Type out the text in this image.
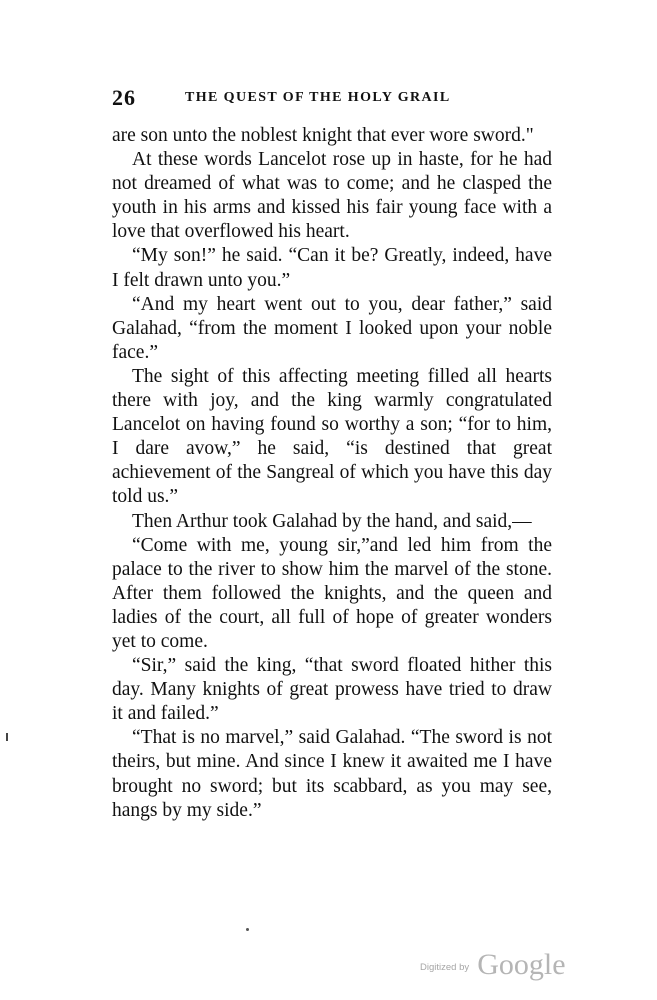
26	THE QUEST OF THE HOLY GRAIL

are son unto the noblest knight that ever wore sword."

At these words Lancelot rose up in haste, for he had not dreamed of what was to come; and he clasped the youth in his arms and kissed his fair young face with a love that overflowed his heart.

“My son!” he said. “Can it be? Greatly, indeed, have I felt drawn unto you.”

“And my heart went out to you, dear father,” said Galahad, “from the moment I looked upon your noble face.”

The sight of this affecting meeting filled all hearts there with joy, and the king warmly congratulated Lancelot on having found so worthy a son; “for to him, I dare avow,” he said, “is destined that great achievement of the Sangreal of which you have this day told us.”

Then Arthur took Galahad by the hand, and said,—

“Come with me, young sir,”and led him from the palace to the river to show him the marvel of the stone. After them followed the knights, and the queen and ladies of the court, all full of hope of greater wonders yet to come.

“Sir,” said the king, “that sword floated hither this day. Many knights of great prowess have tried to draw it and failed.”

“That is no marvel,” said Galahad. “The sword is not theirs, but mine. And since I knew it awaited me I have brought no sword; but its scabbard, as you may see, hangs by my side.”

$^{Digitized by}$ Google
